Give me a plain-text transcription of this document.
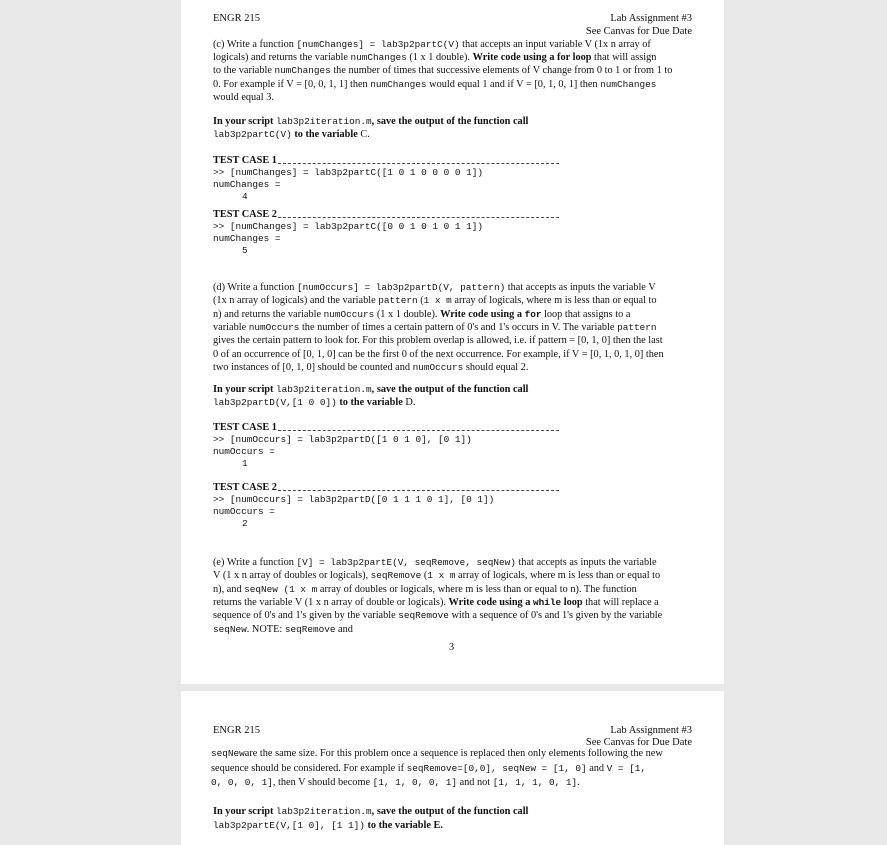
ENGR 215	Lab Assignment #3
See Canvas for Due Date
(c) Write a function [numChanges] = lab3p2partC(V) that accepts an input variable V (1x n array of
logicals) and returns the variable numChanges (1 x 1 double). Write code using a for loop that will assign
to the variable numChanges the number of times that successive elements of V change from 0 to 1 or from 1 to
0. For example if V = [0, 0, 1, 1] then numChanges would equal 1 and if V = [0, 1, 0, 1] then numChanges
would equal 3.
In your script lab3p2iteration.m, save the output of the function call
lab3p2partC(V) to the variable C.
TEST CASE 1
>> [numChanges] = lab3p2partC([1 0 1 0 0 0 0 1])
numChanges =
4
TEST CASE 2
>> [numChanges] = lab3p2partC([0 0 1 0 1 0 1 1])
numChanges =
5
(d) Write a function [numOccurs] = lab3p2partD(V, pattern) that accepts as inputs the variable V
(1x n array of logicals) and the variable pattern (1 x m array of logicals, where m is less than or equal to
n) and returns the variable numOccurs (1 x 1 double). Write code using a for loop that assigns to a
variable numOccurs the number of times a certain pattern of 0's and 1's occurs in V. The variable pattern
gives the certain pattern to look for. For this problem overlap is allowed, i.e. if pattern = [0, 1, 0] then the last
0 of an occurrence of [0, 1, 0] can be the first 0 of the next occurrence. For example, if V = [0, 1, 0, 1, 0] then
two instances of [0, 1, 0] should be counted and numOccurs should equal 2.
In your script lab3p2iteration.m, save the output of the function call
lab3p2partD(V,[1 0 0]) to the variable D.
TEST CASE 1
>> [numOccurs] = lab3p2partD([1 0 1 0], [0 1])
numOccurs =
1
TEST CASE 2
>> [numOccurs] = lab3p2partD([0 1 1 1 0 1], [0 1])
numOccurs =
2
(e) Write a function [V] = lab3p2partE(V, seqRemove, seqNew) that accepts as inputs the variable
V (1 x n array of doubles or logicals), seqRemove (1 x m array of logicals, where m is less than or equal to
n), and seqNew (1 x m array of doubles or logicals, where m is less than or equal to n). The function
returns the variable V (1 x n array of double or logicals). Write code using a while loop that will replace a
sequence of 0's and 1's given by the variable seqRemove with a sequence of 0's and 1's given by the variable
seqNew. NOTE: seqRemove and
3
ENGR 215	Lab Assignment #3
See Canvas for Due Date
seqNeware the same size. For this problem once a sequence is replaced then only elements following the new
sequence should be considered. For example if seqRemove=[0,0], seqNew = [1, 0] and V = [1,
0, 0, 0, 1], then V should become [1, 1, 0, 0, 1] and not [1, 1, 1, 0, 1].
In your script lab3p2iteration.m, save the output of the function call
lab3p2partE(V,[1 0], [1 1]) to the variable E.
